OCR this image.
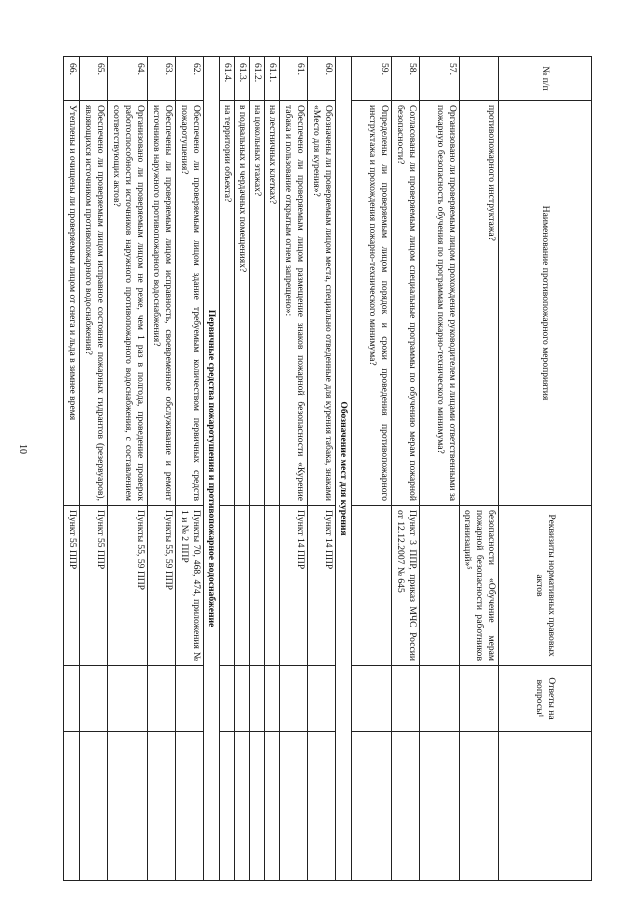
10
№ п/п	Наименование противопожарного мероприятия	Реквизиты нормативных правовых актов	Ответы на вопросы¹	
	противопожарного инструктажа?	безопасности «Обучение мерам пожарной безопасности работников организаций»⁵		
57.	Организовано ли проверяемым лицом прохождение руководителем и лицами ответственными за пожарную безопасность обучения по программам пожарно-технического минимума?			
58.	Согласованы ли проверяемым лицом специальные программы по обучению мерам пожарной безопасности?	Пункт 3 ППР, приказ МЧС России от 12.12.2007 № 645		
59.	Определены ли проверяемым лицом порядок и сроки проведения противопожарного инструктажа и прохождения пожарно-технического минимума?			
Обозначение мест для курения				
60.	Обозначены ли проверяемым лицом места, специально отведенные для курения табака, знаками «Место для курения»?	Пункт 14 ППР		
61.	Обеспечено ли проверяемым лицом размещение знаков пожарной безопасности «Курение табака и пользование открытым огнем запрещено»:	Пункт 14 ППР		
61.1.	на лестничных клетках?			
61.2.	на цокольных этажах?			
61.3.	в подвальных и чердачных помещениях?			
61.4.	на территории объекта?			
Первичные средства пожаротушения и противопожарное водоснабжение				
62.	Обеспечено ли проверяемым лицом здание требуемым количеством первичных средств пожаротушения?	Пункты 70, 468, 474, приложения № 1 и № 2 ППР		
63.	Обеспечены ли проверяемым лицом исправность, своевременное обслуживание и ремонт источников наружного противопожарного водоснабжения?	Пункты 55, 59 ППР		
64.	Организовано ли проверяемым лицом не реже, чем 1 раз в полгода, проведение проверок работоспособности источников наружного противопожарного водоснабжения, с составлением соответствующих актов?	Пункты 55, 59 ППР		
65.	Обеспечено ли проверяемым лицом исправное состояние пожарных гидрантов (резервуаров), являющихся источником противопожарного водоснабжения?	Пункт 55 ППР		
66.	Утеплены и очищены ли проверяемым лицом от снега и льда в зимнее время	Пункт 55 ППР		
